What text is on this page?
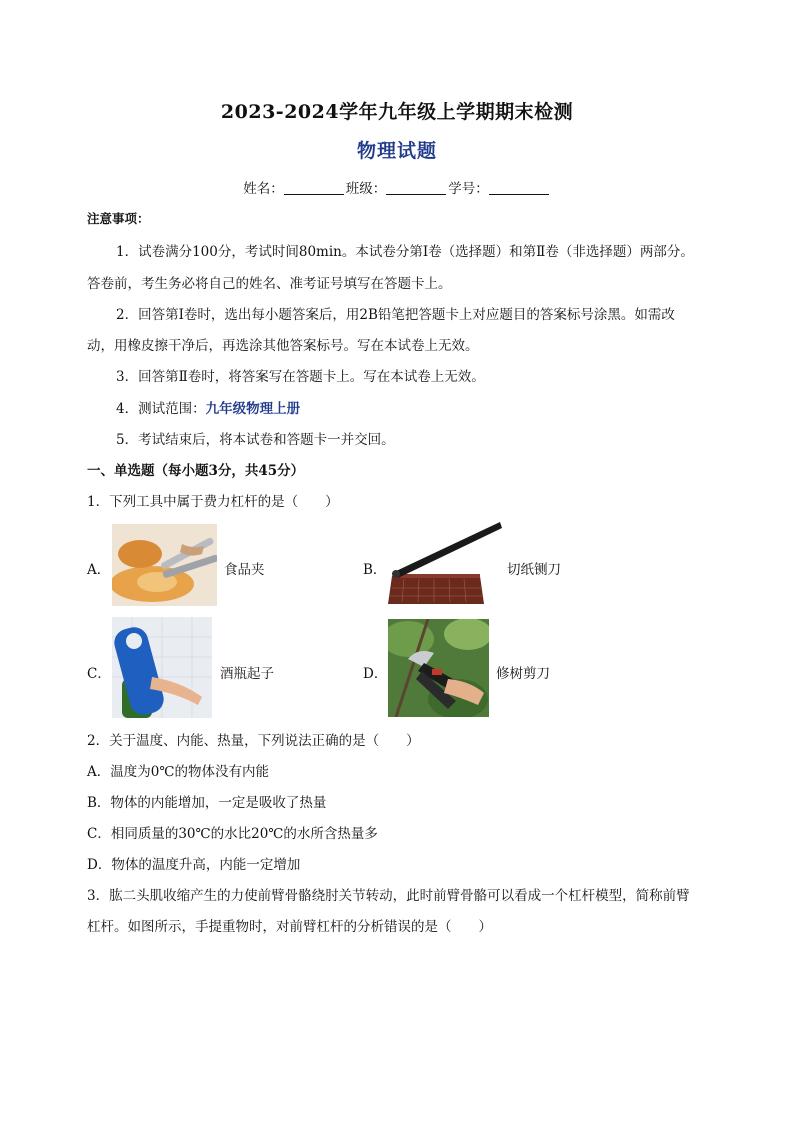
2023-2024学年九年级上学期期末检测
物理试题
姓名：	班级：	学号：
注意事项：
1．试卷满分100分，考试时间80min。本试卷分第Ⅰ卷（选择题）和第Ⅱ卷（非选择题）两部分。
答卷前，考生务必将自己的姓名、准考证号填写在答题卡上。
2．回答第Ⅰ卷时，选出每小题答案后，用2B铅笔把答题卡上对应题目的答案标号涂黑。如需改
动，用橡皮擦干净后，再选涂其他答案标号。写在本试卷上无效。
3．回答第Ⅱ卷时，将答案写在答题卡上。写在本试卷上无效。
4．测试范围：九年级物理上册
5．考试结束后，将本试卷和答题卡一并交回。
一、单选题（每小题3分，共45分）
1．下列工具中属于费力杠杆的是（　　）
A．	食品夹	B．	切纸铡刀
C．	酒瓶起子	D．	修树剪刀
2．关于温度、内能、热量，下列说法正确的是（　　）
A．温度为0℃的物体没有内能
B．物体的内能增加，一定是吸收了热量
C．相同质量的30℃的水比20℃的水所含热量多
D．物体的温度升高，内能一定增加
3．肱二头肌收缩产生的力使前臂骨骼绕肘关节转动，此时前臂骨骼可以看成一个杠杆模型，简称前臂
杠杆。如图所示，手提重物时，对前臂杠杆的分析错误的是（　　）
